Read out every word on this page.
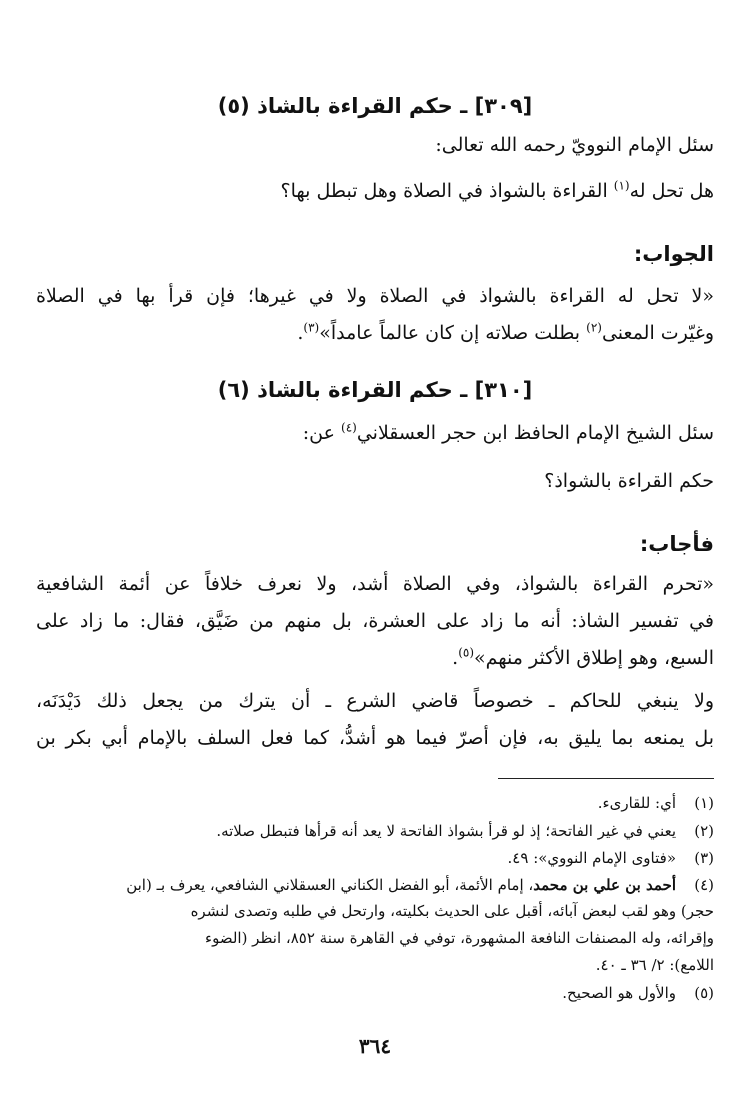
[٣٠٩] ـ حكم القراءة بالشاذ (٥)
سئل الإمام النوويّ رحمه الله تعالى:
هل تحل له$^{(١)}$ القراءة بالشواذ في الصلاة وهل تبطل بها؟
الجواب:
«لا تحل له القراءة بالشواذ في الصلاة ولا في غيرها؛ فإن قرأ بها في الصلاة
وغيّرت المعنى$^{(٢)}$ بطلت صلاته إن كان عالماً عامداً»$^{(٣)}$.
[٣١٠] ـ حكم القراءة بالشاذ (٦)
سئل الشيخ الإمام الحافظ ابن حجر العسقلاني$^{(٤)}$ عن:
حكم القراءة بالشواذ؟
فأجاب:
«تحرم القراءة بالشواذ، وفي الصلاة أشد، ولا نعرف خلافاً عن أئمة الشافعية
في تفسير الشاذ: أنه ما زاد على العشرة، بل منهم من ضَيَّق، فقال: ما زاد على
السبع، وهو إطلاق الأكثر منهم»$^{(٥)}$.
ولا ينبغي للحاكم ـ خصوصاً قاضي الشرع ـ أن يترك من يجعل ذلك دَيْدَنَه،
بل يمنعه بما يليق به، فإن أصرّ فيما هو أشدُّ، كما فعل السلف بالإمام أبي بكر بن
(١)
أي: للقارىء.
(٢)
يعني في غير الفاتحة؛ إذ لو قرأ بشواذ الفاتحة لا يعد أنه قرأها فتبطل صلاته.
(٣)
«فتاوى الإمام النووي»: ٤٩.
(٤)
أحمد بن علي بن محمد، إمام الأئمة، أبو الفضل الكناني العسقلاني الشافعي، يعرف بـ (ابن
حجر) وهو لقب لبعض آبائه، أقبل على الحديث بكليته، وارتحل في طلبه وتصدى لنشره
وإقرائه، وله المصنفات النافعة المشهورة، توفي في القاهرة سنة ٨٥٢، انظر (الضوء
اللامع): ٢/ ٣٦ ـ ٤٠.
(٥)
والأول هو الصحيح.
٣٦٤
